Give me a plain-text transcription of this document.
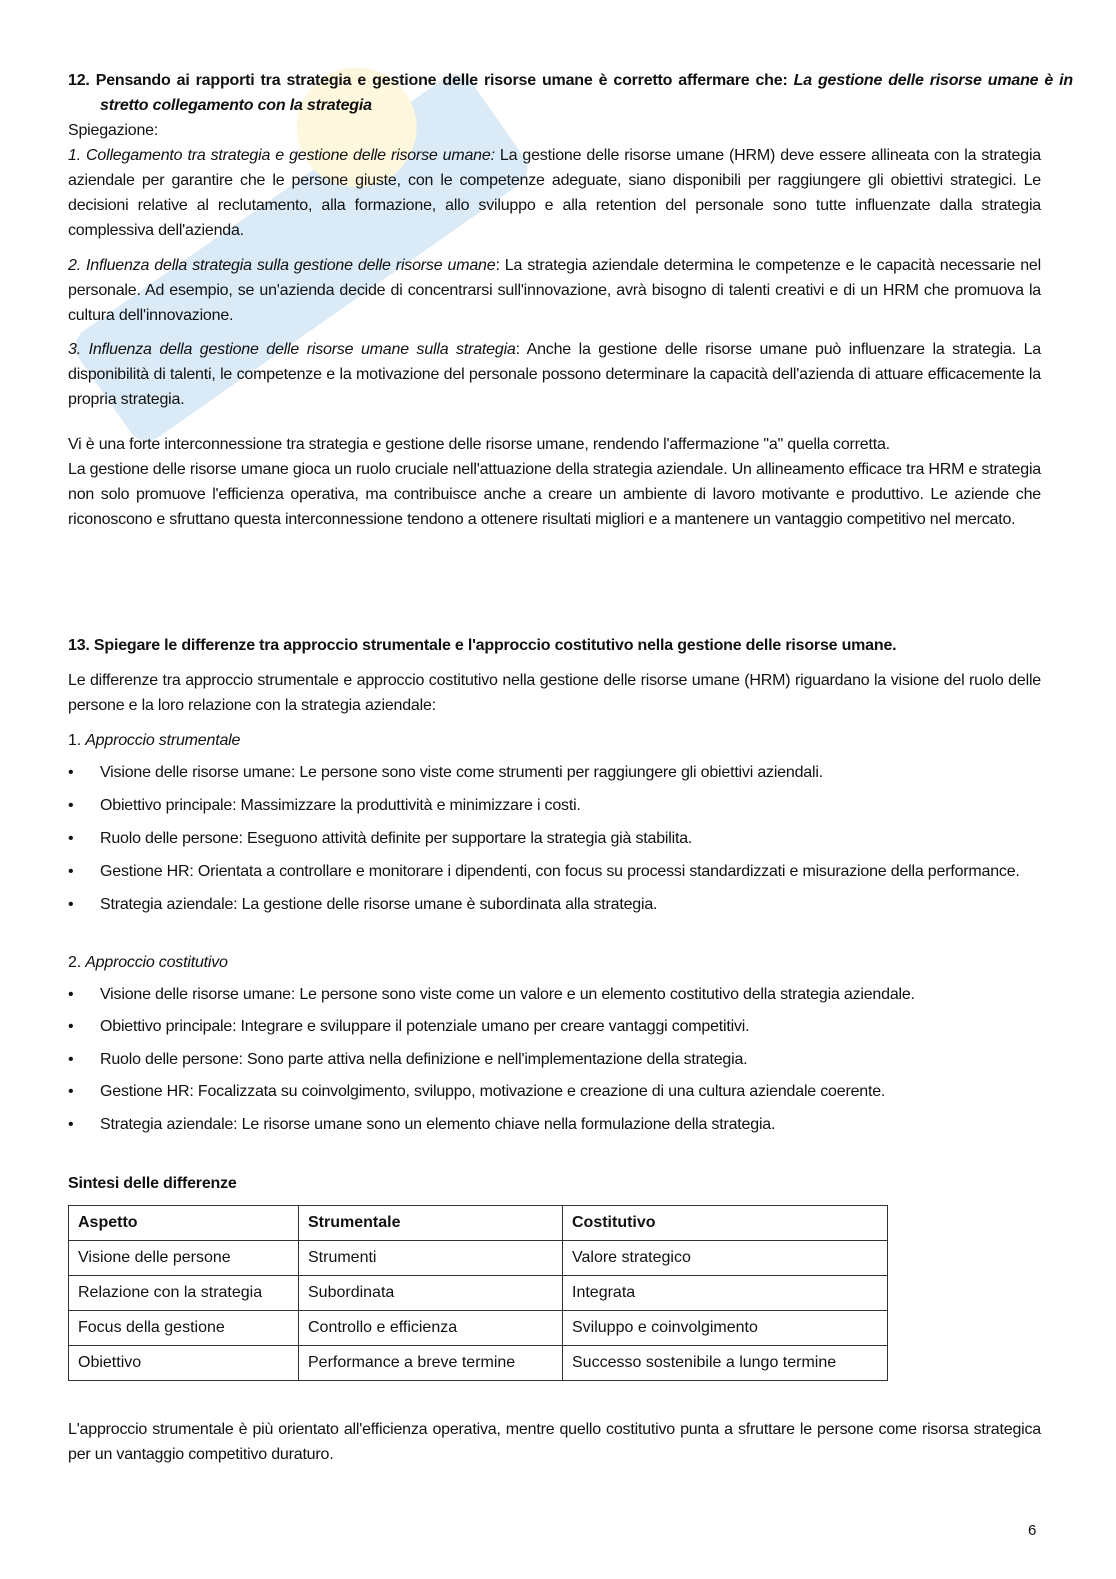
12. Pensando ai rapporti tra strategia e gestione delle risorse umane è corretto affermare che: La gestione delle risorse umane è in stretto collegamento con la strategia
Spiegazione:
1. Collegamento tra strategia e gestione delle risorse umane: La gestione delle risorse umane (HRM) deve essere allineata con la strategia aziendale per garantire che le persone giuste, con le competenze adeguate, siano disponibili per raggiungere gli obiettivi strategici. Le decisioni relative al reclutamento, alla formazione, allo sviluppo e alla retention del personale sono tutte influenzate dalla strategia complessiva dell'azienda.
2. Influenza della strategia sulla gestione delle risorse umane: La strategia aziendale determina le competenze e le capacità necessarie nel personale. Ad esempio, se un'azienda decide di concentrarsi sull'innovazione, avrà bisogno di talenti creativi e di un HRM che promuova la cultura dell'innovazione.
3. Influenza della gestione delle risorse umane sulla strategia: Anche la gestione delle risorse umane può influenzare la strategia. La disponibilità di talenti, le competenze e la motivazione del personale possono determinare la capacità dell'azienda di attuare efficacemente la propria strategia.
Vi è una forte interconnessione tra strategia e gestione delle risorse umane, rendendo l'affermazione "a" quella corretta.
La gestione delle risorse umane gioca un ruolo cruciale nell'attuazione della strategia aziendale. Un allineamento efficace tra HRM e strategia non solo promuove l'efficienza operativa, ma contribuisce anche a creare un ambiente di lavoro motivante e produttivo. Le aziende che riconoscono e sfruttano questa interconnessione tendono a ottenere risultati migliori e a mantenere un vantaggio competitivo nel mercato.
13. Spiegare le differenze tra approccio strumentale e l'approccio costitutivo nella gestione delle risorse umane.
Le differenze tra approccio strumentale e approccio costitutivo nella gestione delle risorse umane (HRM) riguardano la visione del ruolo delle persone e la loro relazione con la strategia aziendale:
1. Approccio strumentale
• Visione delle risorse umane: Le persone sono viste come strumenti per raggiungere gli obiettivi aziendali.
• Obiettivo principale: Massimizzare la produttività e minimizzare i costi.
• Ruolo delle persone: Eseguono attività definite per supportare la strategia già stabilita.
• Gestione HR: Orientata a controllare e monitorare i dipendenti, con focus su processi standardizzati e misurazione della performance.
• Strategia aziendale: La gestione delle risorse umane è subordinata alla strategia.
2. Approccio costitutivo
• Visione delle risorse umane: Le persone sono viste come un valore e un elemento costitutivo della strategia aziendale.
• Obiettivo principale: Integrare e sviluppare il potenziale umano per creare vantaggi competitivi.
• Ruolo delle persone: Sono parte attiva nella definizione e nell'implementazione della strategia.
• Gestione HR: Focalizzata su coinvolgimento, sviluppo, motivazione e creazione di una cultura aziendale coerente.
• Strategia aziendale: Le risorse umane sono un elemento chiave nella formulazione della strategia.
Sintesi delle differenze
Aspetto	Strumentale	Costitutivo
Visione delle persone	Strumenti	Valore strategico
Relazione con la strategia	Subordinata	Integrata
Focus della gestione	Controllo e efficienza	Sviluppo e coinvolgimento
Obiettivo	Performance a breve termine	Successo sostenibile a lungo termine
L'approccio strumentale è più orientato all'efficienza operativa, mentre quello costitutivo punta a sfruttare le persone come risorsa strategica per un vantaggio competitivo duraturo.
6
